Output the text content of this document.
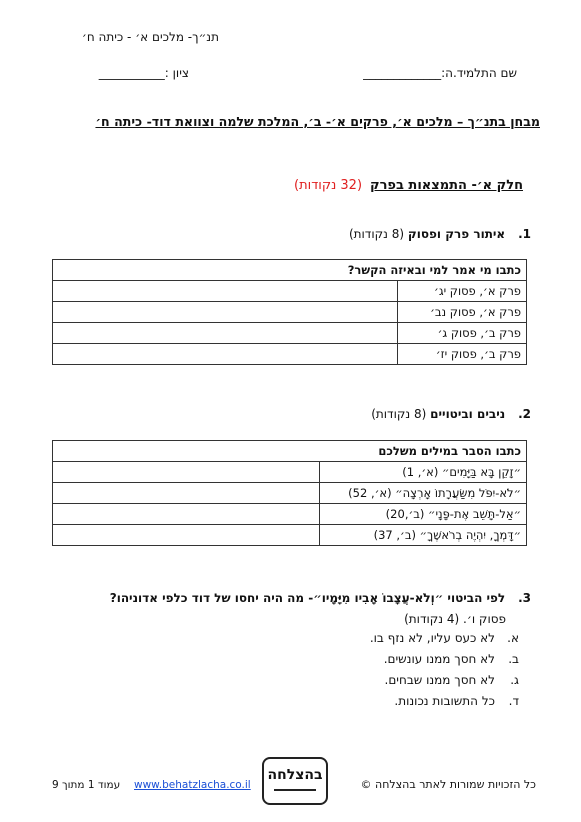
תנ״ך- מלכים א׳ - כיתה ח׳
שם התלמיד.ה:_____________
ציון :___________
מבחן בתנ״ך – מלכים א׳, פרקים א׳- ב׳, המלכת שלמה וצוואת דוד- כיתה ח׳
חלק א׳- התמצאות בפרק(32 נקודות)
1. איתור פרק ופסוק (8 נקודות)
כתבו מי אמר למי ובאיזה הקשר?	
פרק א׳, פסוק יג׳	
פרק א׳, פסוק נב׳	
פרק ב׳, פסוק ג׳	
פרק ב׳, פסוק יז׳	
2. ניבים וביטויים (8 נקודות)
כתבו הסבר במילים משלכם	
״זָקֵן בָּא בַּיָּמִים״ (א׳, 1)	
״לֹא-יִפֹּל מִשַּׂעֲרָתוֹ אָרְצָה״ (א׳, 52)	
״אַל-תָּשֵׁב אֶת-פָּנָי״ (ב׳,20)	
״דָּמְךָ, יִהְיֶה בְרֹאשֶׁךָ״ (ב׳, 37)	
3. לפי הביטוי ״וְלֹא-עֲצָבוֹ אָבִיו מִיָּמָיו״- מה היה יחסו של דוד כלפי אדוניהו?
פסוק ו׳. (4 נקודות)
א.לא כעס עליו, לא נזף בו.
ב.לא חסך ממנו עונשים.
ג.לא חסך ממנו שבחים.
ד.כל התשובות נכונות.
כל הזכויות שמורות לאתר בהצלחה ©
בהצלחה
www.behatzlacha.co.il
עמוד 1 מתוך 9
